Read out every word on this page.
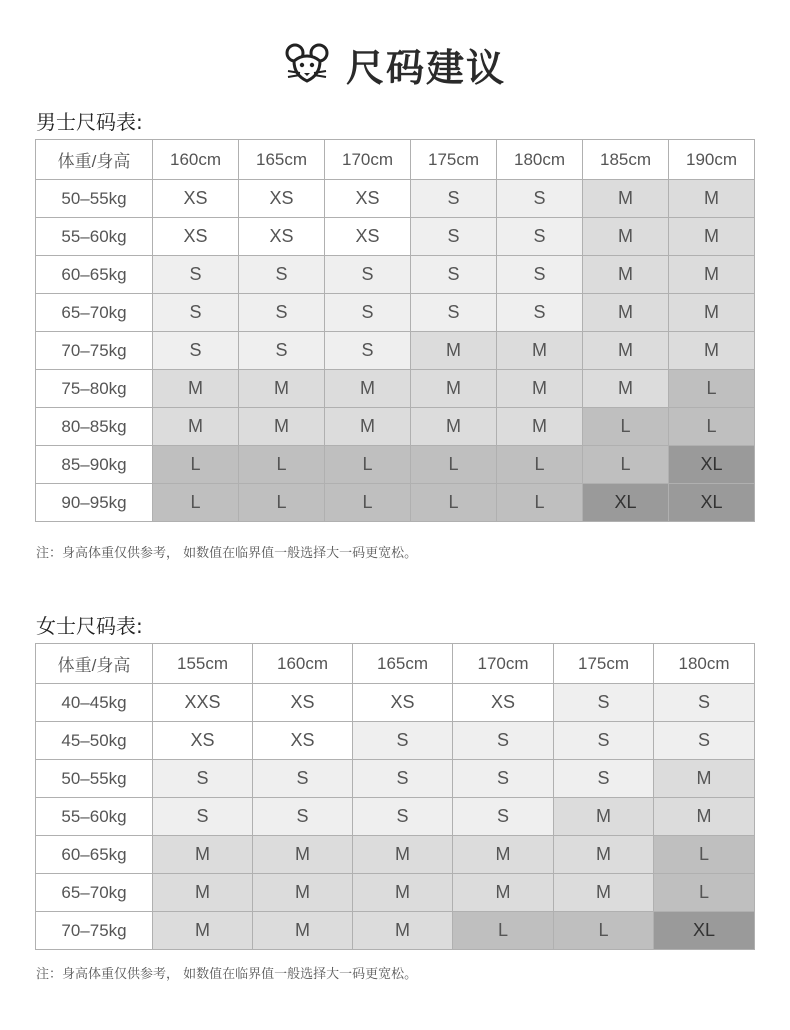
尺码建议
男士尺码表:
体重/身高	160cm	165cm	170cm	175cm	180cm	185cm	190cm
50–55kg	XS	XS	XS	S	S	M	M
55–60kg	XS	XS	XS	S	S	M	M
60–65kg	S	S	S	S	S	M	M
65–70kg	S	S	S	S	S	M	M
70–75kg	S	S	S	M	M	M	M
75–80kg	M	M	M	M	M	M	L
80–85kg	M	M	M	M	M	L	L
85–90kg	L	L	L	L	L	L	XL
90–95kg	L	L	L	L	L	XL	XL
注：身高体重仅供参考， 如数值在临界值一般选择大一码更宽松。
女士尺码表:
体重/身高	155cm	160cm	165cm	170cm	175cm	180cm
40–45kg	XXS	XS	XS	XS	S	S
45–50kg	XS	XS	S	S	S	S
50–55kg	S	S	S	S	S	M
55–60kg	S	S	S	S	M	M
60–65kg	M	M	M	M	M	L
65–70kg	M	M	M	M	M	L
70–75kg	M	M	M	L	L	XL
注：身高体重仅供参考， 如数值在临界值一般选择大一码更宽松。
